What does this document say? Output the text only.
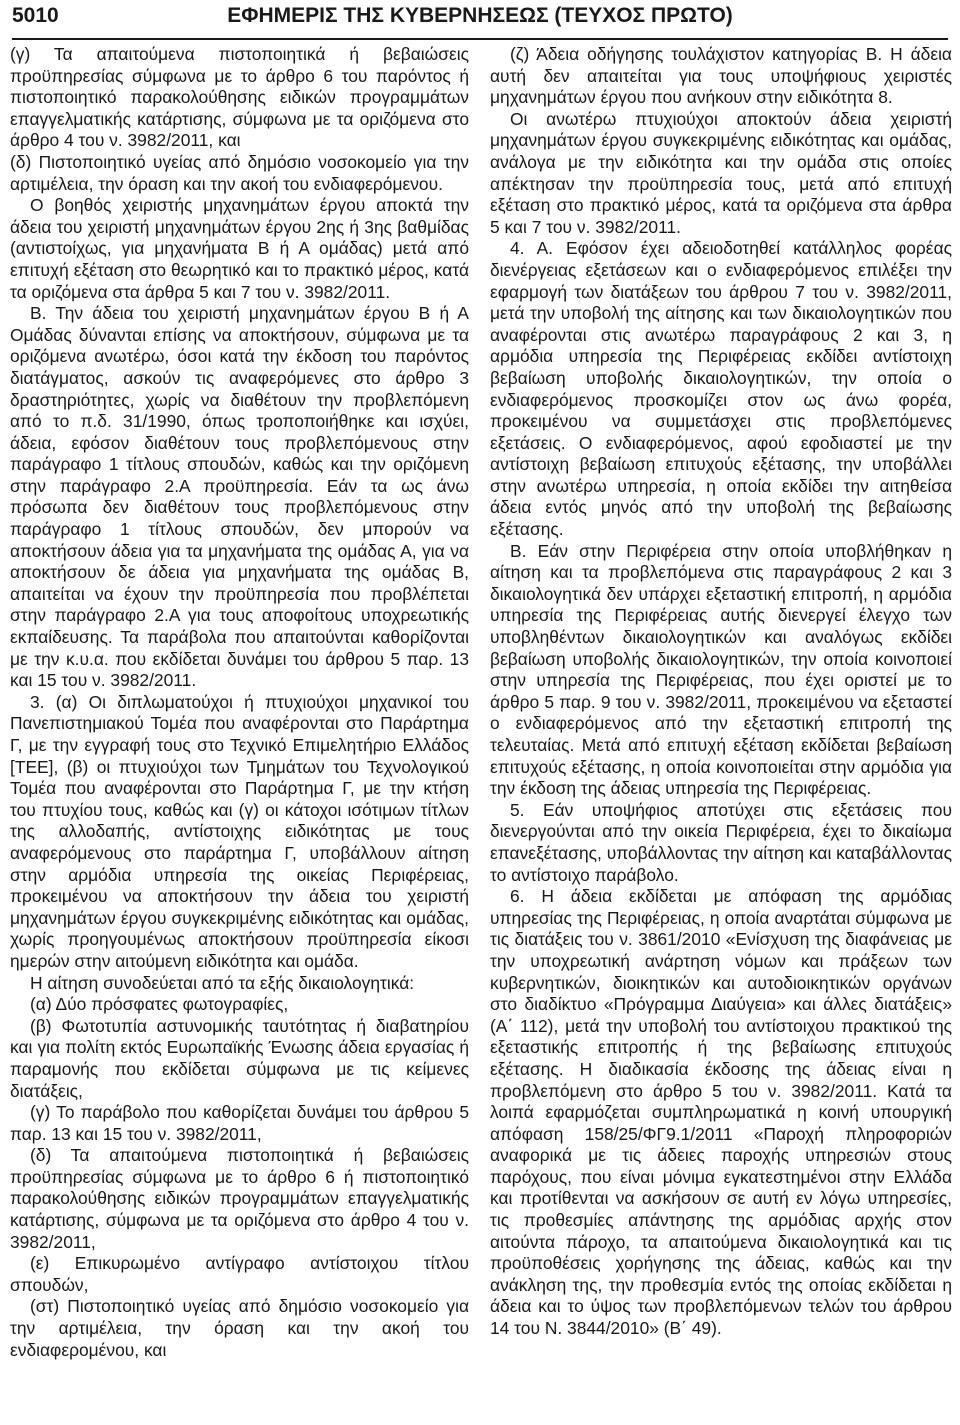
5010	ΕΦΗΜΕΡΙΣ ΤΗΣ ΚΥΒΕΡΝΗΣΕΩΣ (ΤΕΥΧΟΣ ΠΡΩΤΟ)

(γ) Τα απαιτούμενα πιστοποιητικά ή βεβαιώσεις προϋπηρεσίας σύμφωνα με το άρθρο 6 του παρόντος ή πιστοποιητικό παρακολούθησης ειδικών προγραμμάτων επαγγελματικής κατάρτισης, σύμφωνα με τα οριζόμενα στο άρθρο 4 του ν. 3982/2011, και

(δ) Πιστοποιητικό υγείας από δημόσιο νοσοκομείο για την αρτιμέλεια, την όραση και την ακοή του ενδιαφερόμενου.

Ο βοηθός χειριστής μηχανημάτων έργου αποκτά την άδεια του χειριστή μηχανημάτων έργου 2ης ή 3ης βαθμίδας (αντιστοίχως, για μηχανήματα Β ή Α ομάδας) μετά από επιτυχή εξέταση στο θεωρητικό και το πρακτικό μέρος, κατά τα οριζόμενα στα άρθρα 5 και 7 του ν. 3982/2011.

Β. Την άδεια του χειριστή μηχανημάτων έργου Β ή Α Ομάδας δύνανται επίσης να αποκτήσουν, σύμφωνα με τα οριζόμενα ανωτέρω, όσοι κατά την έκδοση του παρόντος διατάγματος, ασκούν τις αναφερόμενες στο άρθρο 3 δραστηριότητες, χωρίς να διαθέτουν την προβλεπόμενη από το π.δ. 31/1990, όπως τροποποιήθηκε και ισχύει, άδεια, εφόσον διαθέτουν τους προβλεπόμενους στην παράγραφο 1 τίτλους σπουδών, καθώς και την οριζόμενη στην παράγραφο 2.Α προϋπηρεσία. Εάν τα ως άνω πρόσωπα δεν διαθέτουν τους προβλεπόμενους στην παράγραφο 1 τίτλους σπουδών, δεν μπορούν να αποκτήσουν άδεια για τα μηχανήματα της ομάδας Α, για να αποκτήσουν δε άδεια για μηχανήματα της ομάδας Β, απαιτείται να έχουν την προϋπηρεσία που προβλέπεται στην παράγραφο 2.Α για τους αποφοίτους υποχρεωτικής εκπαίδευσης. Τα παράβολα που απαιτούνται καθορίζονται με την κ.υ.α. που εκδίδεται δυνάμει του άρθρου 5 παρ. 13 και 15 του ν. 3982/2011.

3. (α) Οι διπλωματούχοι ή πτυχιούχοι μηχανικοί του Πανεπιστημιακού Τομέα που αναφέρονται στο Παράρτημα Γ, με την εγγραφή τους στο Τεχνικό Επιμελητήριο Ελλάδος [ΤΕΕ], (β) οι πτυχιούχοι των Τμημάτων του Τεχνολογικού Τομέα που αναφέρονται στο Παράρτημα Γ, με την κτήση του πτυχίου τους, καθώς και (γ) οι κάτοχοι ισότιμων τίτλων της αλλοδαπής, αντίστοιχης ειδικότητας με τους αναφερόμενους στο παράρτημα Γ, υποβάλλουν αίτηση στην αρμόδια υπηρεσία της οικείας Περιφέρειας, προκειμένου να αποκτήσουν την άδεια του χειριστή μηχανημάτων έργου συγκεκριμένης ειδικότητας και ομάδας, χωρίς προηγουμένως αποκτήσουν προϋπηρεσία είκοσι ημερών στην αιτούμενη ειδικότητα και ομάδα.

Η αίτηση συνοδεύεται από τα εξής δικαιολογητικά:

(α) Δύο πρόσφατες φωτογραφίες,

(β) Φωτοτυπία αστυνομικής ταυτότητας ή διαβατηρίου και για πολίτη εκτός Ευρωπαϊκής Ένωσης άδεια εργασίας ή παραμονής που εκδίδεται σύμφωνα με τις κείμενες διατάξεις,

(γ) Το παράβολο που καθορίζεται δυνάμει του άρθρου 5 παρ. 13 και 15 του ν. 3982/2011,

(δ) Τα απαιτούμενα πιστοποιητικά ή βεβαιώσεις προϋπηρεσίας σύμφωνα με το άρθρο 6 ή πιστοποιητικό παρακολούθησης ειδικών προγραμμάτων επαγγελματικής κατάρτισης, σύμφωνα με τα οριζόμενα στο άρθρο 4 του ν. 3982/2011,

(ε) Επικυρωμένο αντίγραφο αντίστοιχου τίτλου σπουδών,

(στ) Πιστοποιητικό υγείας από δημόσιο νοσοκομείο για την αρτιμέλεια, την όραση και την ακοή του ενδιαφερομένου, και

(ζ) Άδεια οδήγησης τουλάχιστον κατηγορίας Β. Η άδεια αυτή δεν απαιτείται για τους υποψήφιους χειριστές μηχανημάτων έργου που ανήκουν στην ειδικότητα 8.

Οι ανωτέρω πτυχιούχοι αποκτούν άδεια χειριστή μηχανημάτων έργου συγκεκριμένης ειδικότητας και ομάδας, ανάλογα με την ειδικότητα και την ομάδα στις οποίες απέκτησαν την προϋπηρεσία τους, μετά από επιτυχή εξέταση στο πρακτικό μέρος, κατά τα οριζόμενα στα άρθρα 5 και 7 του ν. 3982/2011.

4. Α. Εφόσον έχει αδειοδοτηθεί κατάλληλος φορέας διενέργειας εξετάσεων και ο ενδιαφερόμενος επιλέξει την εφαρμογή των διατάξεων του άρθρου 7 του ν. 3982/2011, μετά την υποβολή της αίτησης και των δικαιολογητικών που αναφέρονται στις ανωτέρω παραγράφους 2 και 3, η αρμόδια υπηρεσία της Περιφέρειας εκδίδει αντίστοιχη βεβαίωση υποβολής δικαιολογητικών, την οποία ο ενδιαφερόμενος προσκομίζει στον ως άνω φορέα, προκειμένου να συμμετάσχει στις προβλεπόμενες εξετάσεις. Ο ενδιαφερόμενος, αφού εφοδιαστεί με την αντίστοιχη βεβαίωση επιτυχούς εξέτασης, την υποβάλλει στην ανωτέρω υπηρεσία, η οποία εκδίδει την αιτηθείσα άδεια εντός μηνός από την υποβολή της βεβαίωσης εξέτασης.

Β. Εάν στην Περιφέρεια στην οποία υποβλήθηκαν η αίτηση και τα προβλεπόμενα στις παραγράφους 2 και 3 δικαιολογητικά δεν υπάρχει εξεταστική επιτροπή, η αρμόδια υπηρεσία της Περιφέρειας αυτής διενεργεί έλεγχο των υποβληθέντων δικαιολογητικών και αναλόγως εκδίδει βεβαίωση υποβολής δικαιολογητικών, την οποία κοινοποιεί στην υπηρεσία της Περιφέρειας, που έχει οριστεί με το άρθρο 5 παρ. 9 του ν. 3982/2011, προκειμένου να εξεταστεί ο ενδιαφερόμενος από την εξεταστική επιτροπή της τελευταίας. Μετά από επιτυχή εξέταση εκδίδεται βεβαίωση επιτυχούς εξέτασης, η οποία κοινοποιείται στην αρμόδια για την έκδοση της άδειας υπηρεσία της Περιφέρειας.

5. Εάν υποψήφιος αποτύχει στις εξετάσεις που διενεργούνται από την οικεία Περιφέρεια, έχει το δικαίωμα επανεξέτασης, υποβάλλοντας την αίτηση και καταβάλλοντας το αντίστοιχο παράβολο.

6. Η άδεια εκδίδεται με απόφαση της αρμόδιας υπηρεσίας της Περιφέρειας, η οποία αναρτάται σύμφωνα με τις διατάξεις του ν. 3861/2010 «Ενίσχυση της διαφάνειας με την υποχρεωτική ανάρτηση νόμων και πράξεων των κυβερνητικών, διοικητικών και αυτοδιοικητικών οργάνων στο διαδίκτυο «Πρόγραμμα Διαύγεια» και άλλες διατάξεις» (Α΄ 112), μετά την υποβολή του αντίστοιχου πρακτικού της εξεταστικής επιτροπής ή της βεβαίωσης επιτυχούς εξέτασης. Η διαδικασία έκδοσης της άδειας είναι η προβλεπόμενη στο άρθρο 5 του ν. 3982/2011. Κατά τα λοιπά εφαρμόζεται συμπληρωματικά η κοινή υπουργική απόφαση 158/25/ΦΓ9.1/2011 «Παροχή πληροφοριών αναφορικά με τις άδειες παροχής υπηρεσιών στους παρόχους, που είναι μόνιμα εγκατεστημένοι στην Ελλάδα και προτίθενται να ασκήσουν σε αυτή εν λόγω υπηρεσίες, τις προθεσμίες απάντησης της αρμόδιας αρχής στον αιτούντα πάροχο, τα απαιτούμενα δικαιολογητικά και τις προϋποθέσεις χορήγησης της άδειας, καθώς και την ανάκληση της, την προθεσμία εντός της οποίας εκδίδεται η άδεια και το ύψος των προβλεπόμενων τελών του άρθρου 14 του Ν. 3844/2010» (Β΄ 49).
